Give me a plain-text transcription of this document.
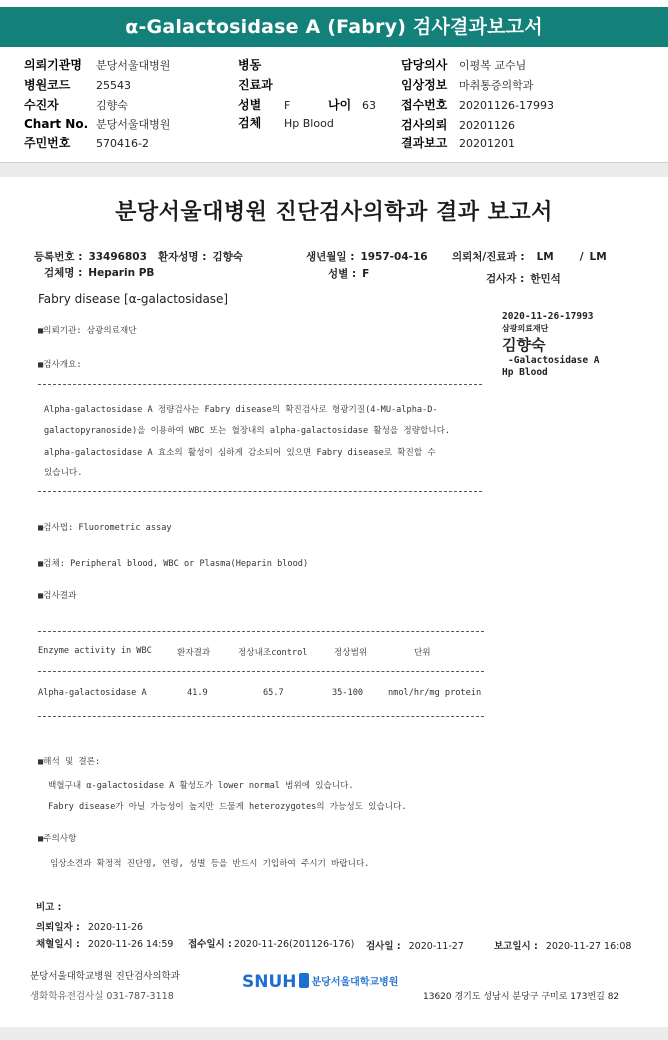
α-Galactosidase A (Fabry) 검사결과보고서
의뢰기관명 분당서울대병원
병원코드 25543
수진자	김향숙
Chart No. 분당서울대병원
주민번호 570416-2
병동
진료과
성별 F	나이 63
검체 Hp Blood
담당의사 이평복 교수님
임상정보 마취통증의학과
접수번호 20201126-17993
검사의뢰 20201126
결과보고 20201201
분당서울대병원 진단검사의학과 결과 보고서
등록번호 : 33496803 환자성명 : 김향숙	생년월일 : 1957-04-16 의뢰처/진료과 : LM / LM
검체명 : Heparin PB	성별 : F	검사자 : 한민석
Fabry disease [α-galactosidase]
2020-11-26-17993
삼광의료재단
김향숙
-Galactosidase A
Hp Blood
■의뢰기관: 삼광의료재단
■검사개요:
Alpha-galactosidase A 정량검사는 Fabry disease의 확진검사로 형광기질(4-MU-alpha-D-
galactopyranoside)을 이용하여 WBC 또는 혈장내의 alpha-galactosidase 활성을 정량합니다.
alpha-galactosidase A 효소의 활성이 심하게 감소되어 있으면 Fabry disease로 확진할 수
있습니다.
■검사법: Fluorometric assay
■검체: Peripheral blood, WBC or Plasma(Heparin blood)
■검사결과
Enzyme activity in WBC	환자결과	정상내조control	정상범위	단위
Alpha-galactosidase A	41.9	65.7	35-100	nmol/hr/mg protein
■해석 및 결론:
백혈구내 α-galactosidase A 활성도가 lower normal 범위에 있습니다.
Fabry disease가 아닐 가능성이 높지만 드물게 heterozygotes의 가능성도 있습니다.
■주의사항
임상소견과 확정적 진단명, 연령, 성별 등을 반드시 기입하여 주시기 바랍니다.
비고 :
의뢰일자 : 2020-11-26
채혈일시 : 2020-11-26 14:59 접수일시 : 2020-11-26(201126-176) 검사일 : 2020-11-27	보고일시 : 2020-11-27 16:08
분당서울대학교병원 진단검사의학과
생화학유전검사실 031-787-3118
SNUH 분당서울대학교병원
13620 경기도 성남시 분당구 구미로 173번길 82
